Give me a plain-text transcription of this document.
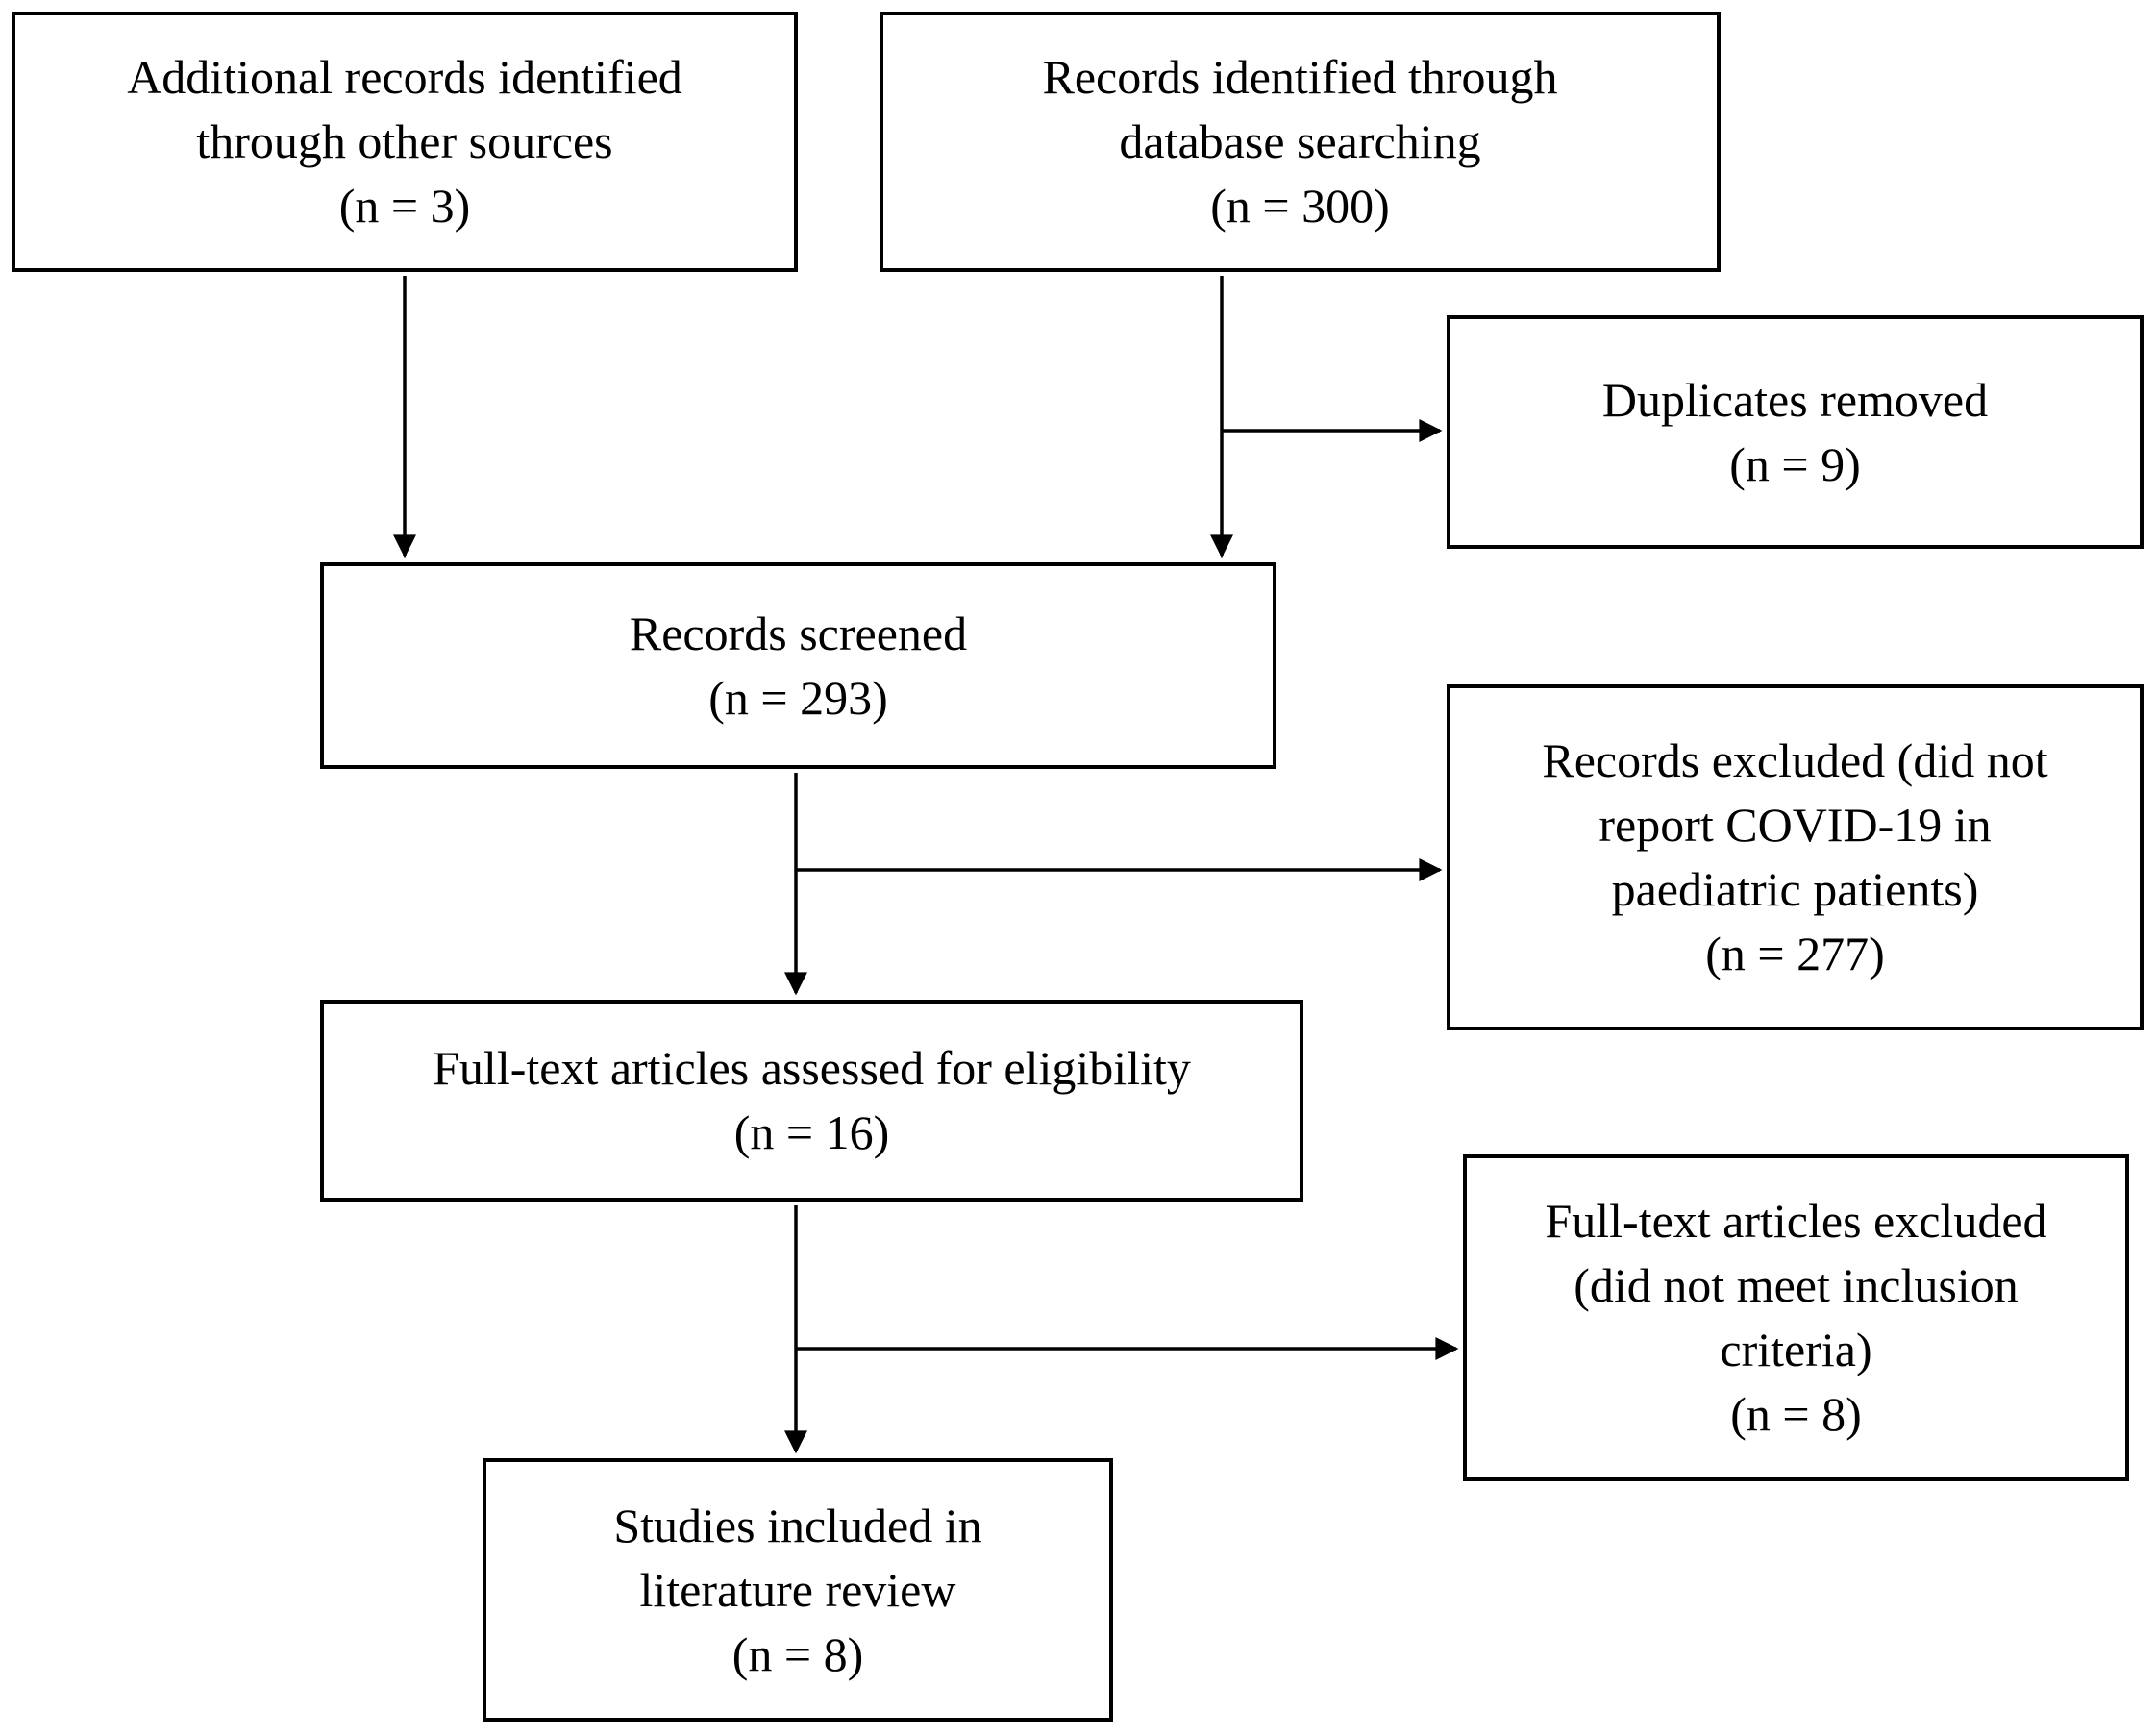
Additional records identified
through other sources
(n = 3)
Records identified through
database searching
(n = 300)
Duplicates removed
(n = 9)
Records screened
(n = 293)
Records excluded (did not
report COVID-19 in
paediatric patients)
(n = 277)
Full-text articles assessed for eligibility
(n = 16)
Full-text articles excluded
(did not meet inclusion
criteria)
(n = 8)
Studies included in
literature review
(n = 8)
